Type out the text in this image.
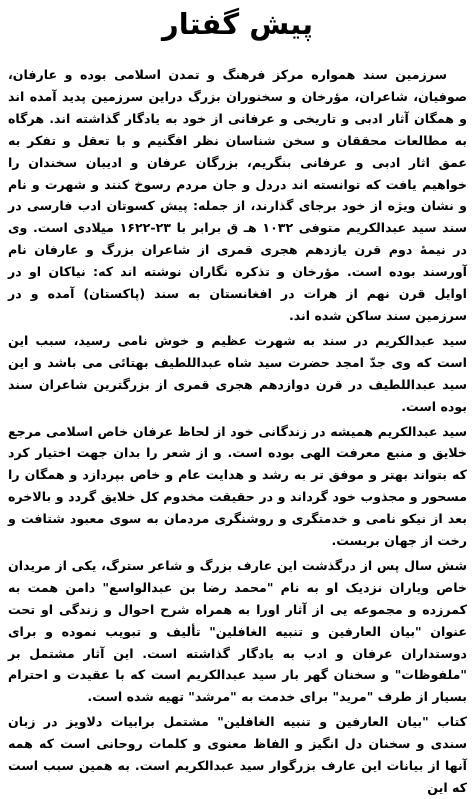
پیش گفتار

سرزمین سند همواره مرکز فرهنگ و تمدن اسلامی بوده و عارفان، صوفیان، شاعران، مؤرخان و سخنوران بزرگ دراین سرزمین پدید آمده اند و همگان آثار ادبی و تاریخی و عرفانی از خود به یادگار گذاشته اند. هرگاه به مطالعات محققان و سخن شناسان نظر افگنیم و با تعقل و تفکر به عمق اثار ادبی و عرفانی بنگریم، بزرگان عرفان و ادیبان سخندان را خواهیم یافت که توانسته اند دردل و جان مردم رسوخ کنند و شهرت و نام و نشان ویژه از خود برجای گذارند، از جمله: پیش کسوتان ادب فارسی در سند سید عبدالکریم متوفی ۱۰۳۲ هـ ق برابر با ۲۳-۱۶۲۲ میلادی است. وی در نیمهٔ دوم قرن یازدهم هجری قمری از شاعران بزرگ و عارفان نام آورسند بوده است. مؤرخان و تذکره نگاران نوشته اند که: نیاکان او در اوایل قرن نهم از هرات در افغانستان به سند (پاکستان) آمده و در سرزمین سند ساکن شده اند.

سید عبدالکریم در سند به شهرت عظیم و خوش نامی رسید، سبب این است که وی جدّ امجد حضرت سید شاه عبداللطیف بهتائی می باشد و این سید عبداللطیف در قرن دوازدهم هجری قمری از بزرگترین شاعران سند بوده است.

سید عبدالکریم همیشه در زندگانی خود از لحاظ عرفان خاص اسلامی مرجع خلایق و منبع معرفت الهی بوده است. و از شعر را بدان جهت اختیار کرد که بتواند بهتر و موفق تر به رشد و هدایت عام و خاص بپردازد و همگان را مسحور و مجذوب خود گرداند و در حقیقت مخدوم کل خلایق گردد و بالاخره بعد از نیکو نامی و خدمتگری و روشنگری مردمان به سوی معبود شتافت و رخت از جهان بربست.

شش سال پس از درگذشت این عارف بزرگ و شاعر سترگ، یکی از مریدان خاص ویاران نزدیک او به نام "محمد رضا بن عبدالواسع" دامن همت به کمرزده و مجموعه یی از آثار اورا به همراه شرح احوال و زندگی او تحت عنوان "بیان العارفین و تنبیه الغافلین" تألیف و تبویب نموده و برای دوستداران عرفان و ادب به یادگار گذاشته است. این آثار مشتمل بر "ملفوظات" و سخنان گهر بار سید عبدالکریم است که با عقیدت و احترام بسیار از طرف "مرید" برای خدمت به "مرشد" تهیه شده است.

کتاب "بیان العارفین و تنبیه الغافلین" مشتمل برابیات دلاویز در زبان سندی و سخنان دل انگیز و الفاظ معنوی و کلمات روحانی است که همه آنها از بیانات این عارف بزرگوار سید عبدالکریم است. به همین سبب است که این
